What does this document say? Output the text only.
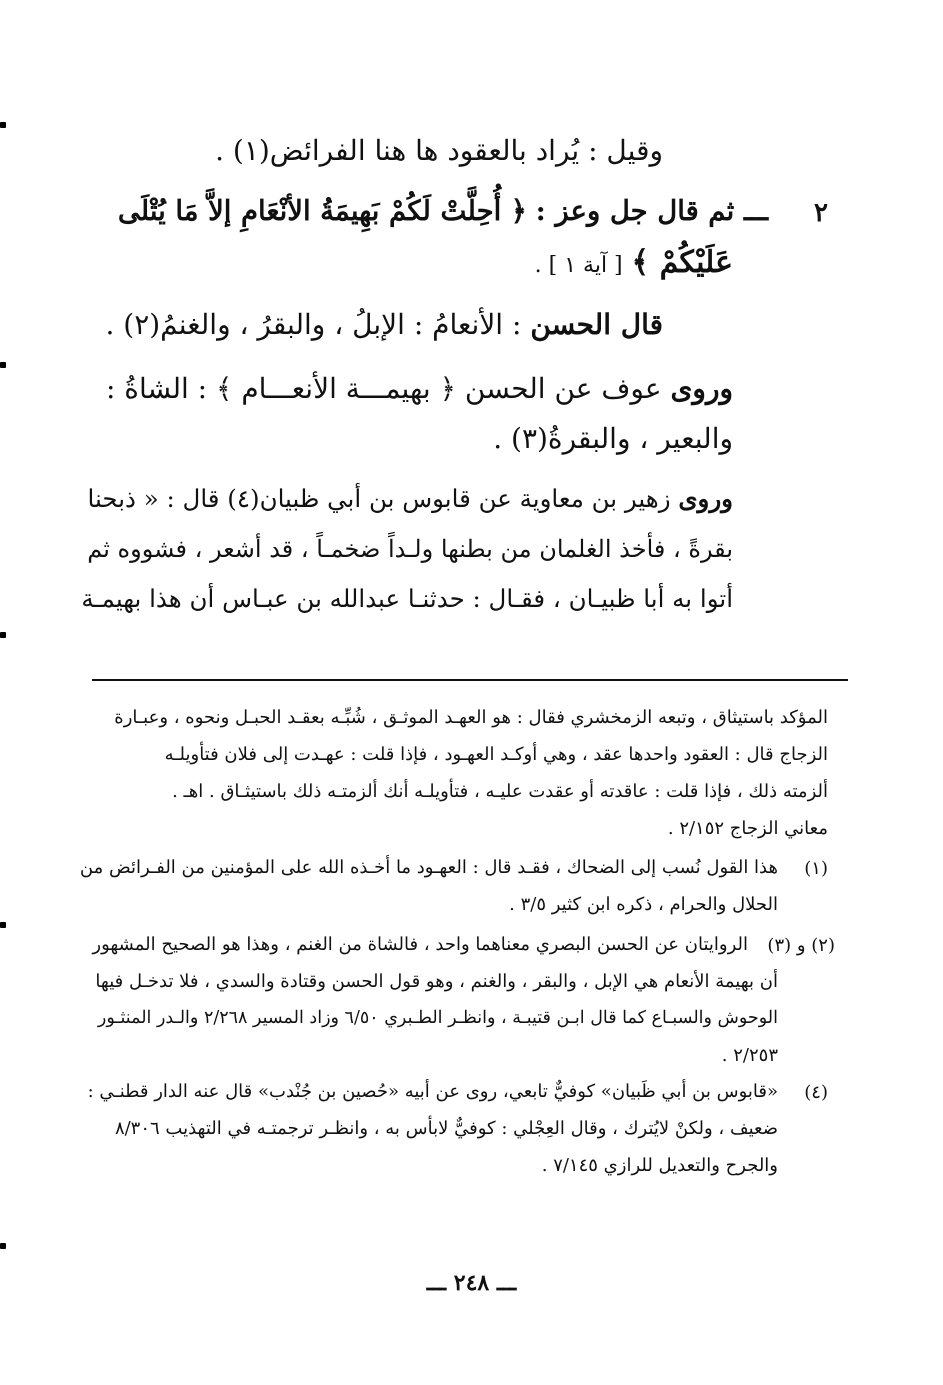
وقيل : يُراد بالعقود ها هنا الفرائض(١) .
٢
ـــ ثم قال جل وعز : ﴿ أُحِلَّتْ لَكُمْ بَهِيمَةُ الأنْعَامِ إلاَّ مَا يُتْلَى
عَلَيْكُمْ ﴾ [ آية ١ ] .
قال الحسن : الأنعامُ : الإبلُ ، والبقرُ ، والغنمُ(٢) .
وروى عوف عن الحسن ﴿ بهيمـــة الأنعـــام ﴾ : الشاةُ :
والبعير ، والبقرةُ(٣) .
وروى زهير بن معاوية عن قابوس بن أبي ظبيان(٤) قال : « ذبحنا
بقرةً ، فأخذ الغلمان من بطنها ولـداً ضخمـاً ، قد أشعر ، فشووه ثم
أتوا به أبا ظبيـان ، فقـال : حدثنـا عبدالله بن عبـاس أن هذا بهيمـة
المؤكد باستيثاق ، وتبعه الزمخشري فقال : هو العهـد الموثـق ، شُبِّـه بعقـد الحبـل ونحوه ، وعبـارة
الزجاج قال : العقود واحدها عقد ، وهي أوكـد العهـود ، فإذا قلت : عهـدت إلى فلان فتأويلـه
ألزمته ذلك ، فإذا قلت : عاقدته أو عقدت عليـه ، فتأويلـه أنك ألزمتـه ذلك باستيثـاق . اهـ .
معاني الزجاج ٢/١٥٢ .
(١)
هذا القول نُسب إلى الضحاك ، فقـد قال : العهـود ما أخـذه الله على المؤمنين من الفـرائض من
الحلال والحرام ، ذكره ابن كثير ٣/٥ .
(٢) و (٣)
الروايتان عن الحسن البصري معناهما واحد ، فالشاة من الغنم ، وهذا هو الصحيح المشهور
أن بهيمة الأنعام هي الإبل ، والبقر ، والغنم ، وهو قول الحسن وقتادة والسدي ، فلا تدخـل فيها
الوحوش والسبـاع كما قال ابـن قتيبـة ، وانظـر الطـبري ٦/٥٠ وزاد المسير ٢/٢٦٨ والـدر المنثـور
٢/٢٥٣ .
(٤)
«قابوس بن أبي ظَبيان» كوفيٌّ تابعي، روى عن أبيه «حُصين بن جُنْدب» قال عنه الدار قطنـي :
ضعيف ، ولكنْ لايُترك ، وقال العِجْلي : كوفيٌّ لابأس به ، وانظـر ترجمتـه في التهذيب ٨/٣٠٦
والجرح والتعديل للرازي ٧/١٤٥ .
ـــ ٢٤٨ ـــ
